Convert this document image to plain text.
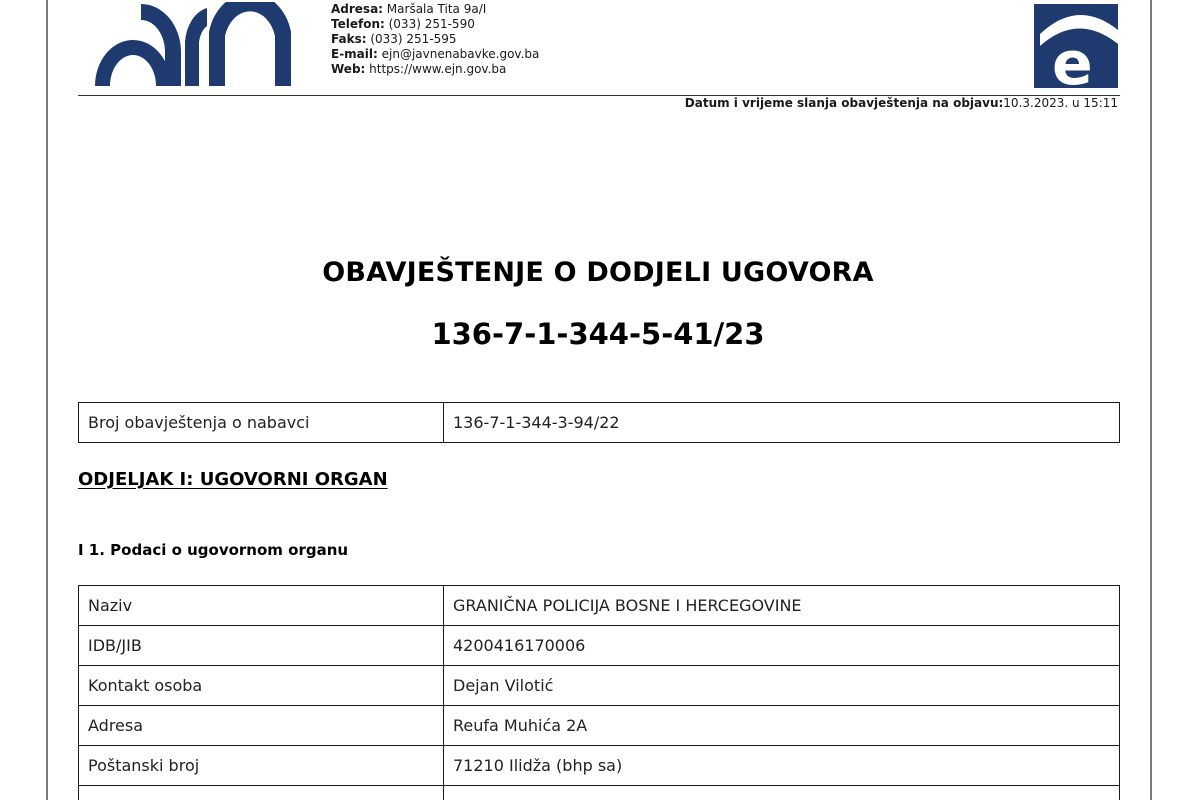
Adresa: Maršala Tita 9a/I
Telefon: (033) 251-590
Faks: (033) 251-595
E-mail: ejn@javnenabavke.gov.ba
Web: https://www.ejn.gov.ba	e
Datum i vrijeme slanja obavještenja na objavu:10.3.2023. u 15:11
OBAVJEŠTENJE O DODJELI UGOVORA
136-7-1-344-5-41/23
Broj obavještenja o nabavci	136-7-1-344-3-94/22
ODJELJAK I: UGOVORNI ORGAN
I 1. Podaci o ugovornom organu
Naziv	GRANIČNA POLICIJA BOSNE I HERCEGOVINE
IDB/JIB	4200416170006
Kontakt osoba	Dejan Vilotić
Adresa	Reufa Muhića 2A
Poštanski broj	71210 Ilidža (bhp sa)
